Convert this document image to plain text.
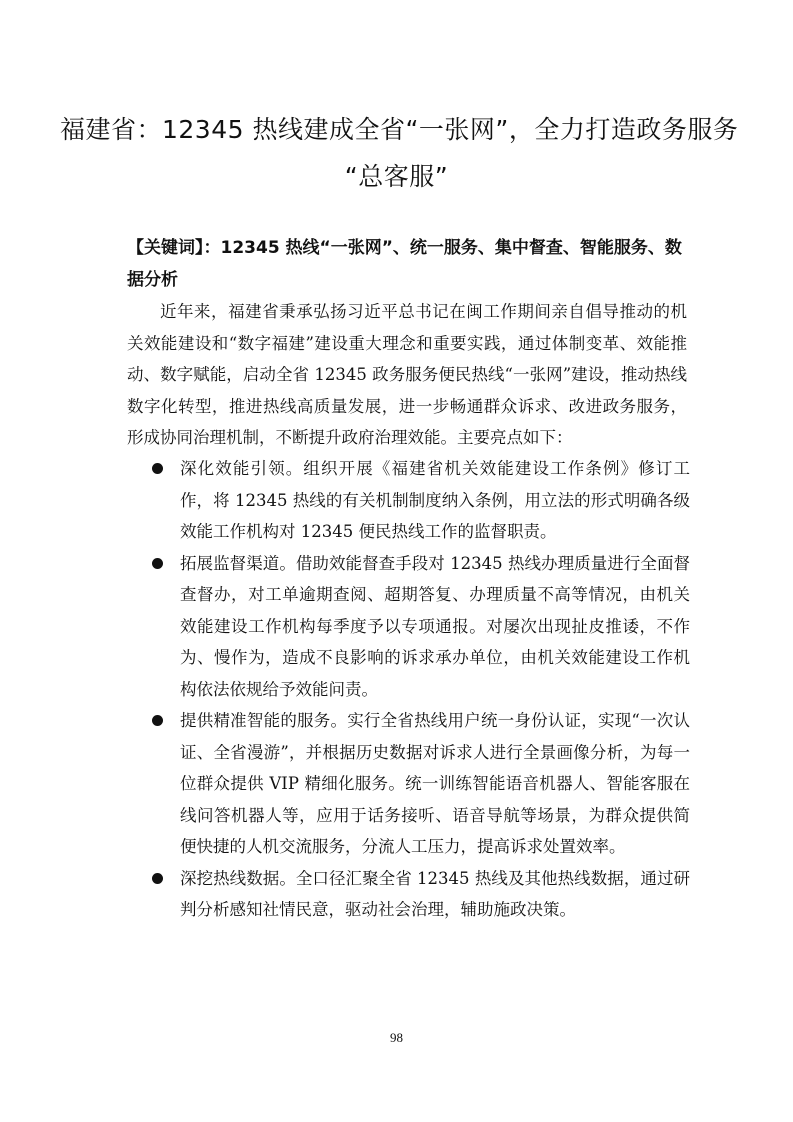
福建省：12345 热线建成全省“一张网”，全力打造政务服务
“总客服”
【关键词】：12345 热线“一张网”、统一服务、集中督查、智能服务、数据分析
近年来，福建省秉承弘扬习近平总书记在闽工作期间亲自倡导推动的机关效能建设和“数字福建”建设重大理念和重要实践，通过体制变革、效能推动、数字赋能，启动全省 12345 政务服务便民热线“一张网”建设，推动热线数字化转型，推进热线高质量发展，进一步畅通群众诉求、改进政务服务，形成协同治理机制，不断提升政府治理效能。主要亮点如下：
深化效能引领。组织开展《福建省机关效能建设工作条例》修订工作，将 12345 热线的有关机制制度纳入条例，用立法的形式明确各级效能工作机构对 12345 便民热线工作的监督职责。
拓展监督渠道。借助效能督查手段对 12345 热线办理质量进行全面督查督办，对工单逾期查阅、超期答复、办理质量不高等情况，由机关效能建设工作机构每季度予以专项通报。对屡次出现扯皮推诿，不作为、慢作为，造成不良影响的诉求承办单位，由机关效能建设工作机构依法依规给予效能问责。
提供精准智能的服务。实行全省热线用户统一身份认证，实现“一次认证、全省漫游”，并根据历史数据对诉求人进行全景画像分析，为每一位群众提供 VIP 精细化服务。统一训练智能语音机器人、智能客服在线问答机器人等，应用于话务接听、语音导航等场景，为群众提供简便快捷的人机交流服务，分流人工压力，提高诉求处置效率。
深挖热线数据。全口径汇聚全省 12345 热线及其他热线数据，通过研判分析感知社情民意，驱动社会治理，辅助施政决策。
98
